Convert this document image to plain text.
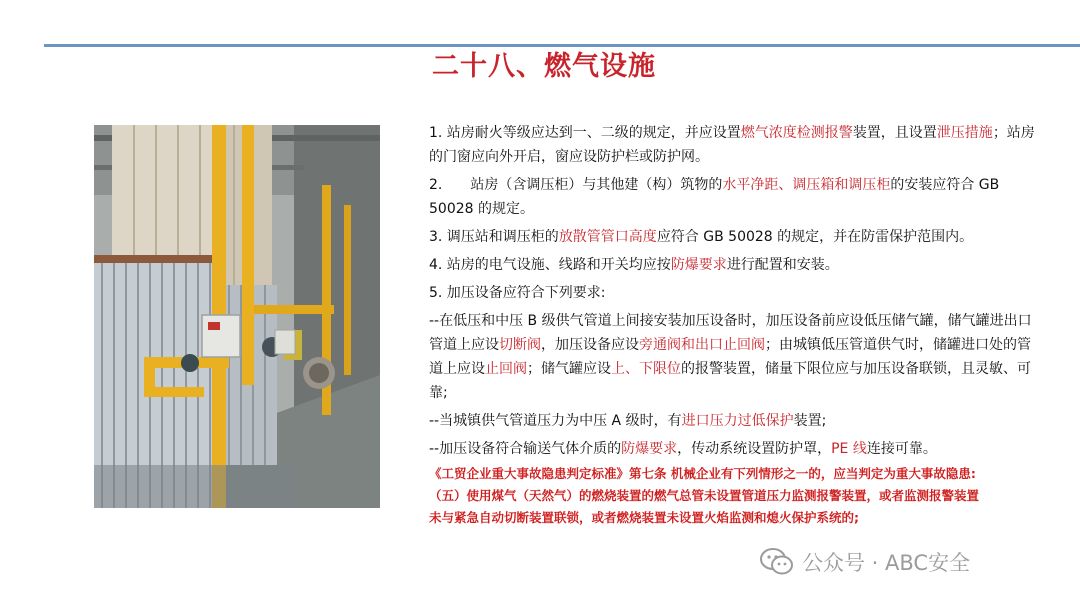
二十八、燃气设施

1. 站房耐火等级应达到一、二级的规定，并应设置燃气浓度检测报警装置，且设置泄压措施；站房的门窗应向外开启，窗应设防护栏或防护网。

2.　　站房（含调压柜）与其他建（构）筑物的水平净距、调压箱和调压柜的安装应符合 GB 50028 的规定。

3. 调压站和调压柜的放散管管口高度应符合 GB 50028 的规定，并在防雷保护范围内。

4. 站房的电气设施、线路和开关均应按防爆要求进行配置和安装。

5. 加压设备应符合下列要求:

--在低压和中压 B 级供气管道上间接安装加压设备时，加压设备前应设低压储气罐，储气罐进出口管道上应设切断阀，加压设备应设旁通阀和出口止回阀；由城镇低压管道供气时，储罐进口处的管道上应设止回阀；储气罐应设上、下限位的报警装置，储量下限位应与加压设备联锁，且灵敏、可靠;

--当城镇供气管道压力为中压 A 级时，有进口压力过低保护装置;

--加压设备符合输送气体介质的防爆要求，传动系统设置防护罩，PE 线连接可靠。

《工贸企业重大事故隐患判定标准》第七条 机械企业有下列情形之一的，应当判定为重大事故隐患:

（五）使用煤气（天然气）的燃烧装置的燃气总管未设置管道压力监测报警装置，或者监测报警装置

未与紧急自动切断装置联锁，或者燃烧装置未设置火焰监测和熄火保护系统的;

公众号 · ABC安全
